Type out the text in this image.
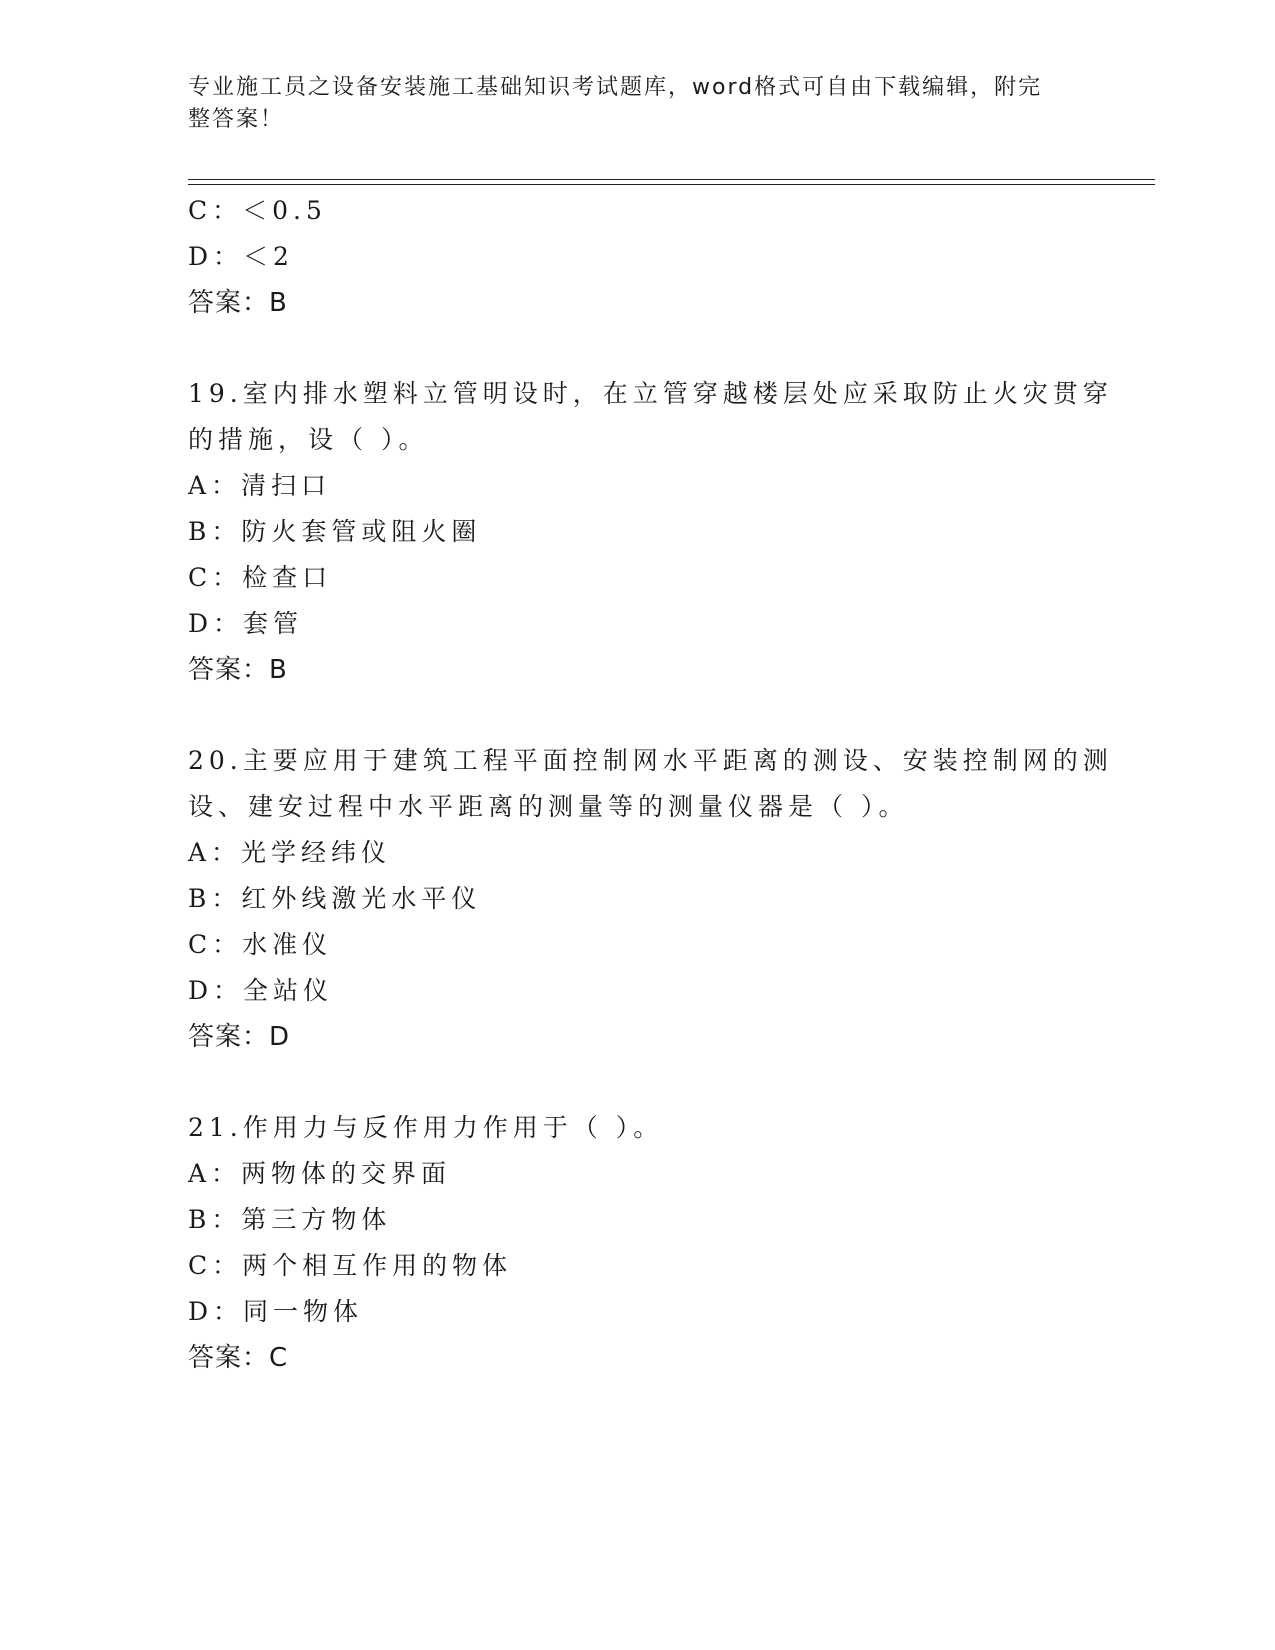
专业施工员之设备安装施工基础知识考试题库，word格式可自由下载编辑，附完
整答案！
C：＜0.5
D：＜2
答案：B
19.室内排水塑料立管明设时，在立管穿越楼层处应采取防止火灾贯穿
的措施，设（ ）。
A：清扫口
B：防火套管或阻火圈
C：检查口
D：套管
答案：B
20.主要应用于建筑工程平面控制网水平距离的测设、安装控制网的测
设、建安过程中水平距离的测量等的测量仪器是（ ）。
A：光学经纬仪
B：红外线激光水平仪
C：水准仪
D：全站仪
答案：D
21.作用力与反作用力作用于（ ）。
A：两物体的交界面
B：第三方物体
C：两个相互作用的物体
D：同一物体
答案：C
